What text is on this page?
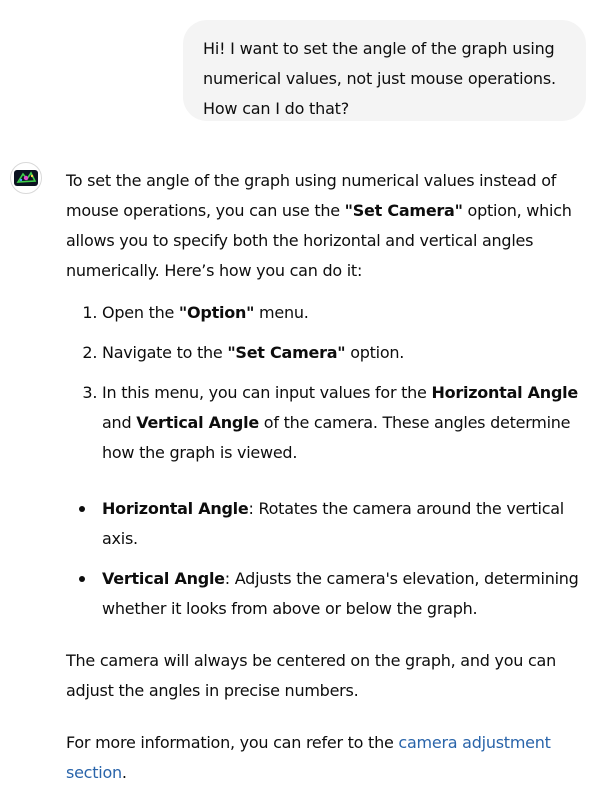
Hi! I want to set the angle of the graph using numerical values, not just mouse operations. How can I do that?

To set the angle of the graph using numerical values instead of mouse operations, you can use the "Set Camera" option, which allows you to specify both the horizontal and vertical angles numerically. Here’s how you can do it:

1. Open the "Option" menu.
2. Navigate to the "Set Camera" option.
3. In this menu, you can input values for the Horizontal Angle and Vertical Angle of the camera. These angles determine how the graph is viewed.
Horizontal Angle: Rotates the camera around the vertical axis.
Vertical Angle: Adjusts the camera's elevation, determining whether it looks from above or below the graph.

The camera will always be centered on the graph, and you can adjust the angles in precise numbers.

For more information, you can refer to the camera adjustment section.
